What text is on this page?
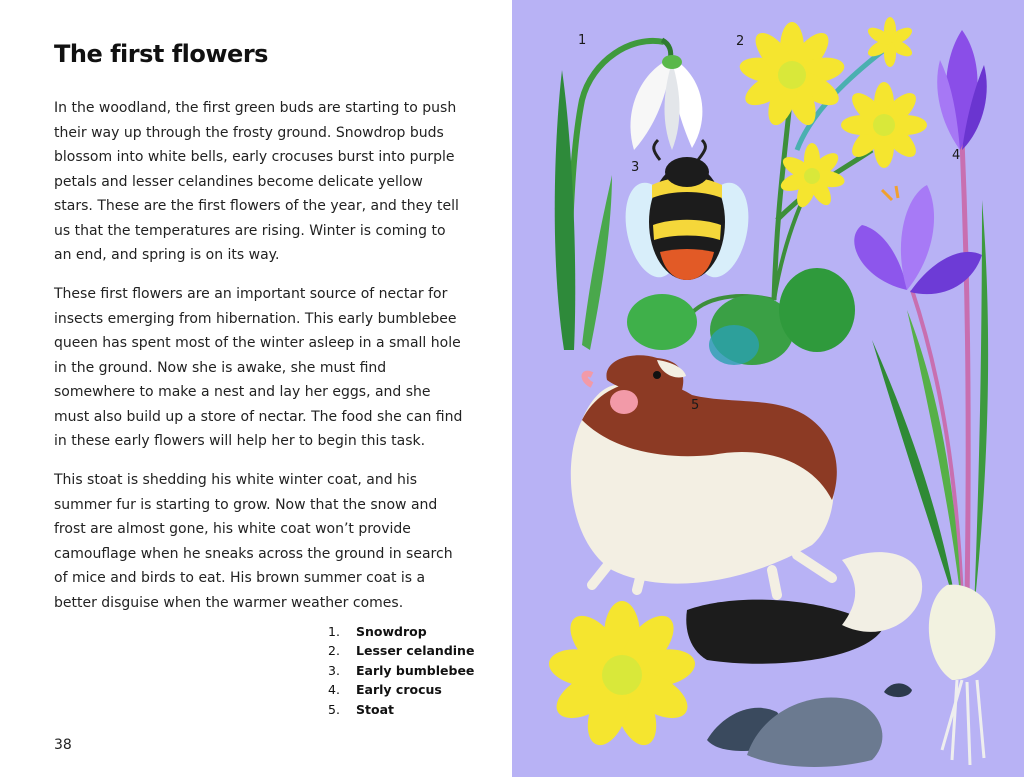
The first flowers

In the woodland, the first green buds are starting to push their way up through the frosty ground. Snowdrop buds blossom into white bells, early crocuses burst into purple petals and lesser celandines become delicate yellow stars. These are the first flowers of the year, and they tell us that the temperatures are rising. Winter is coming to an end, and spring is on its way.

These first flowers are an important source of nectar for insects emerging from hibernation. This early bumblebee queen has spent most of the winter asleep in a small hole in the ground. Now she is awake, she must find somewhere to make a nest and lay her eggs, and she must also build up a store of nectar. The food she can find in these early flowers will help her to begin this task.

This stoat is shedding his white winter coat, and his summer fur is starting to grow. Now that the snow and frost are almost gone, his white coat won’t provide camouflage when he sneaks across the ground in search of mice and birds to eat. His brown summer coat is a better disguise when the warmer weather comes.

1.	Snowdrop
2.	Lesser celandine
3.	Early bumblebee
4.	Early crocus
5.	Stoat
38
1	2
3
4
5
